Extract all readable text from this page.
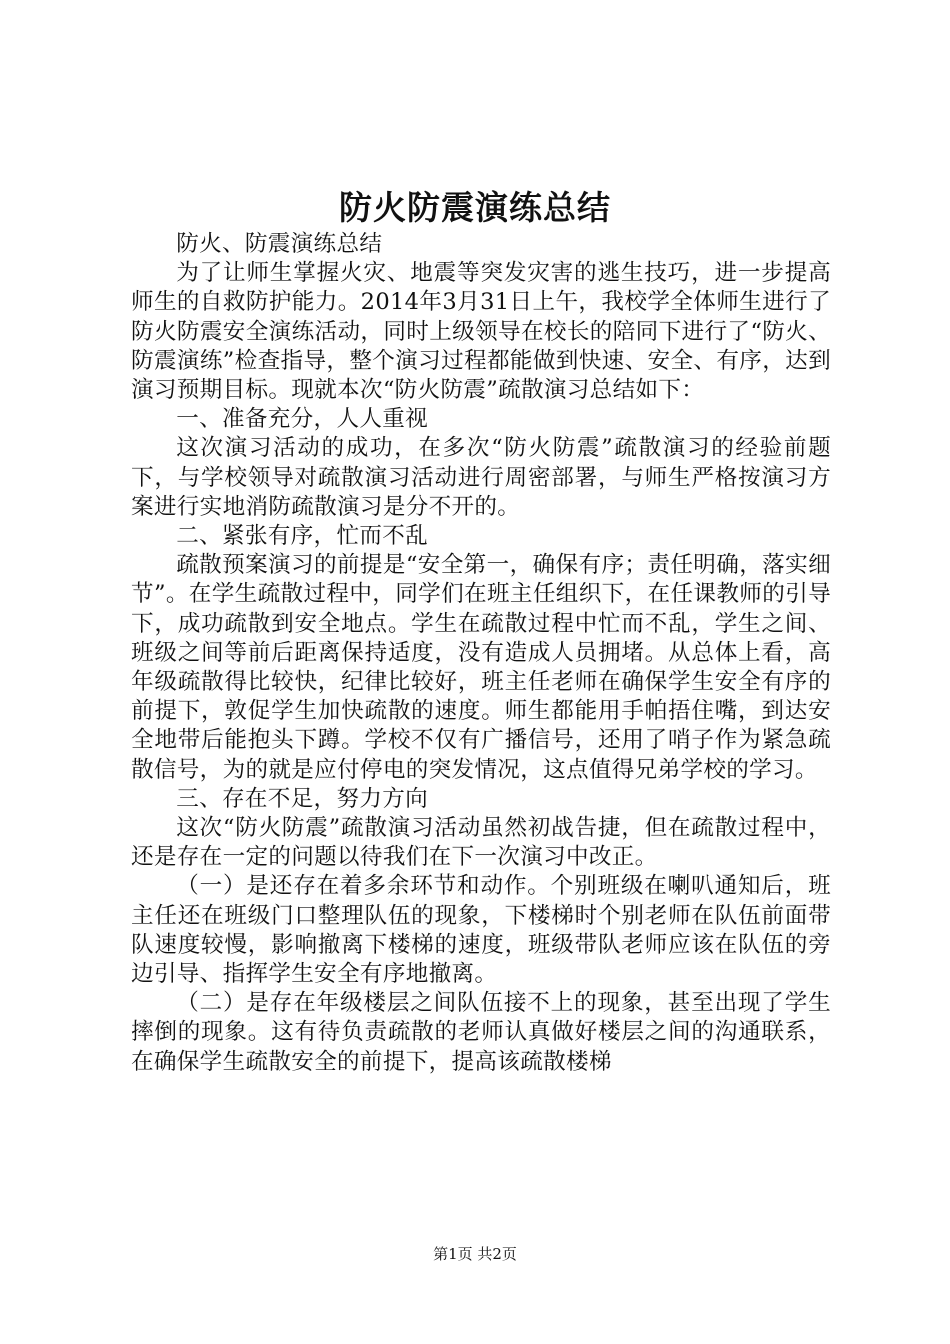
防火防震演练总结

防火、防震演练总结

为了让师生掌握火灾、地震等突发灾害的逃生技巧，进一步提高师生的自救防护能力。2014年3月31日上午，我校学全体师生进行了防火防震安全演练活动，同时上级领导在校长的陪同下进行了“防火、防震演练”检查指导，整个演习过程都能做到快速、安全、有序，达到演习预期目标。现就本次“防火防震”疏散演习总结如下：

一、准备充分，人人重视

这次演习活动的成功，在多次“防火防震”疏散演习的经验前题下，与学校领导对疏散演习活动进行周密部署，与师生严格按演习方案进行实地消防疏散演习是分不开的。

二、紧张有序，忙而不乱

疏散预案演习的前提是“安全第一，确保有序；责任明确，落实细节”。在学生疏散过程中，同学们在班主任组织下，在任课教师的引导下，成功疏散到安全地点。学生在疏散过程中忙而不乱，学生之间、班级之间等前后距离保持适度，没有造成人员拥堵。从总体上看，高年级疏散得比较快，纪律比较好，班主任老师在确保学生安全有序的前提下，敦促学生加快疏散的速度。师生都能用手帕捂住嘴，到达安全地带后能抱头下蹲。学校不仅有广播信号，还用了哨子作为紧急疏散信号，为的就是应付停电的突发情况，这点值得兄弟学校的学习。

三、存在不足，努力方向

这次“防火防震”疏散演习活动虽然初战告捷，但在疏散过程中，还是存在一定的问题以待我们在下一次演习中改正。

（一）是还存在着多余环节和动作。个别班级在喇叭通知后，班主任还在班级门口整理队伍的现象，下楼梯时个别老师在队伍前面带队速度较慢，影响撤离下楼梯的速度，班级带队老师应该在队伍的旁边引导、指挥学生安全有序地撤离。

（二）是存在年级楼层之间队伍接不上的现象，甚至出现了学生摔倒的现象。这有待负责疏散的老师认真做好楼层之间的沟通联系，在确保学生疏散安全的前提下，提高该疏散楼梯

第1页 共2页
